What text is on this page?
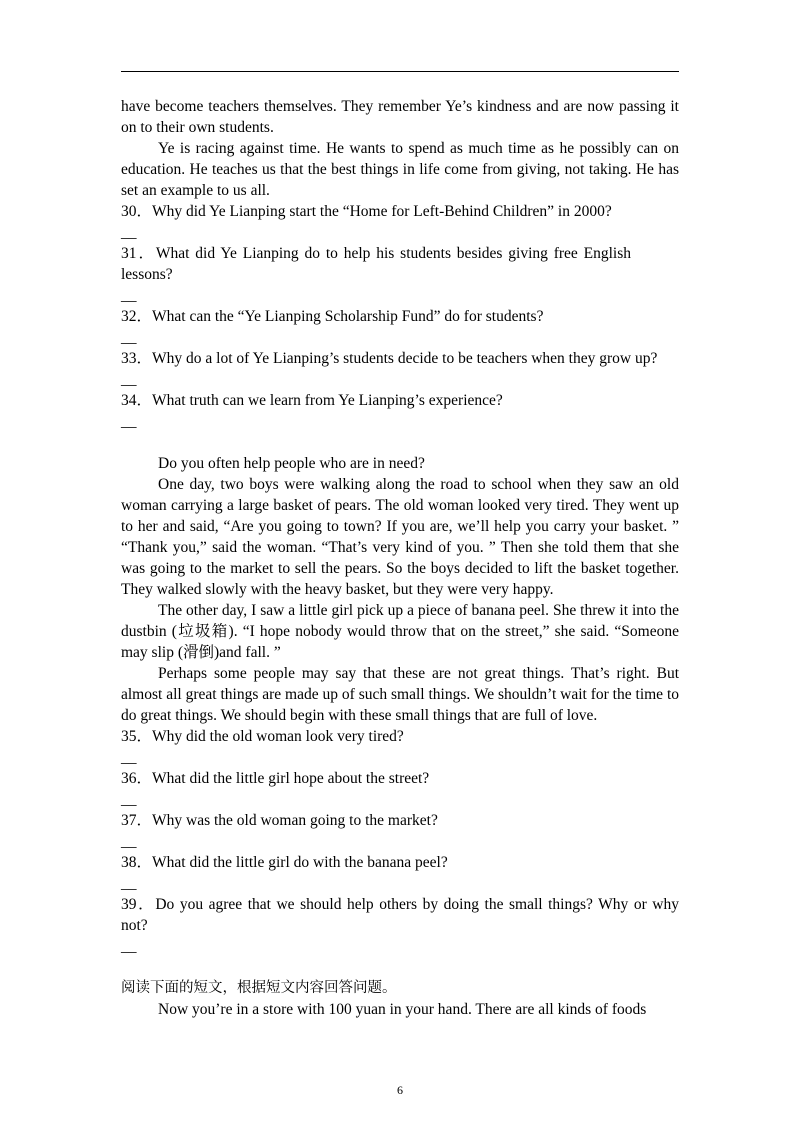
have become teachers themselves. They remember Ye’s kindness and are now passing it on to their own students.

Ye is racing against time. He wants to spend as much time as he possibly can on education. He teaches us that the best things in life come from giving, not taking. He has set an example to us all.

30．Why did Ye Lianping start the “Home for Left-Behind Children” in 2000?

__

31．What did Ye Lianping do to help his students besides giving free English lessons?

__

32．What can the “Ye Lianping Scholarship Fund” do for students?

__

33．Why do a lot of Ye Lianping’s students decide to be teachers when they grow up?

__

34．What truth can we learn from Ye Lianping’s experience?

__

Do you often help people who are in need?

One day, two boys were walking along the road to school when they saw an old woman carrying a large basket of pears. The old woman looked very tired. They went up to her and said, “Are you going to town? If you are, we’ll help you carry your basket. ” “Thank you,” said the woman. “That’s very kind of you. ” Then she told them that she was going to the market to sell the pears. So the boys decided to lift the basket together. They walked slowly with the heavy basket, but they were very happy.

The other day, I saw a little girl pick up a piece of banana peel. She threw it into the dustbin (垃圾箱). “I hope nobody would throw that on the street,” she said. “Someone may slip (滑倒)and fall. ”

Perhaps some people may say that these are not great things. That’s right. But almost all great things are made up of such small things. We shouldn’t wait for the time to do great things. We should begin with these small things that are full of love.

35．Why did the old woman look very tired?

__

36．What did the little girl hope about the street?

__

37．Why was the old woman going to the market?

__

38．What did the little girl do with the banana peel?

__

39．Do you agree that we should help others by doing the small things? Why or why not?

__

阅读下面的短文，根据短文内容回答问题。

Now you’re in a store with 100 yuan in your hand. There are all kinds of foods

6
